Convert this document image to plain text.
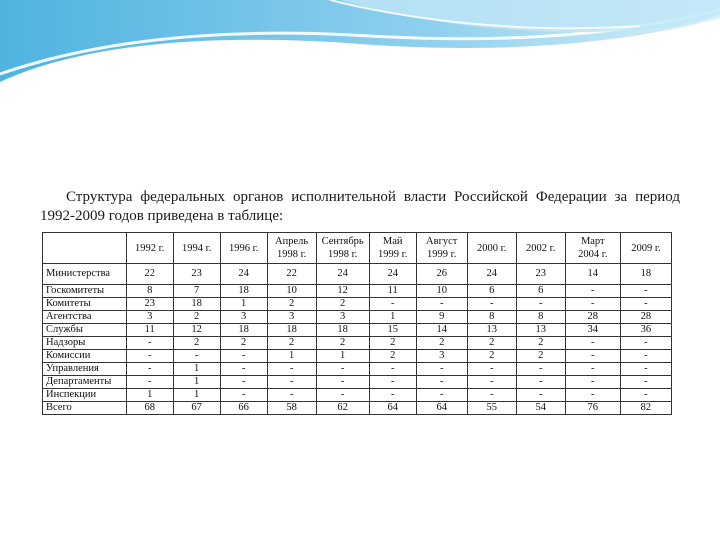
Структура федеральных органов исполнительной власти Российской Федерации за период 1992-2009 годов приведена в таблице:

	1992 г.	1994 г.	1996 г.	Апрель
1998 г.	Сентябрь
1998 г.	Май
1999 г.	Август
1999 г.	2000 г.	2002 г.	Март
2004 г.	2009 г.

Министерства	22	23	24	22	24	24	26	24	23	14	18
Госкомитеты	8	7	18	10	12	11	10	6	6	-	-
Комитеты	23	18	1	2	2	-	-	-	-	-	-
Агентства	3	2	3	3	3	1	9	8	8	28	28
Службы	11	12	18	18	18	15	14	13	13	34	36
Надзоры	-	2	2	2	2	2	2	2	2	-	-
Комиссии	-	-	-	1	1	2	3	2	2	-	-
Управления	-	1	-	-	-	-	-	-	-	-	-
Департаменты	-	1	-	-	-	-	-	-	-	-	-
Инспекции	1	1	-	-	-	-	-	-	-	-	-
Всего	68	67	66	58	62	64	64	55	54	76	82
